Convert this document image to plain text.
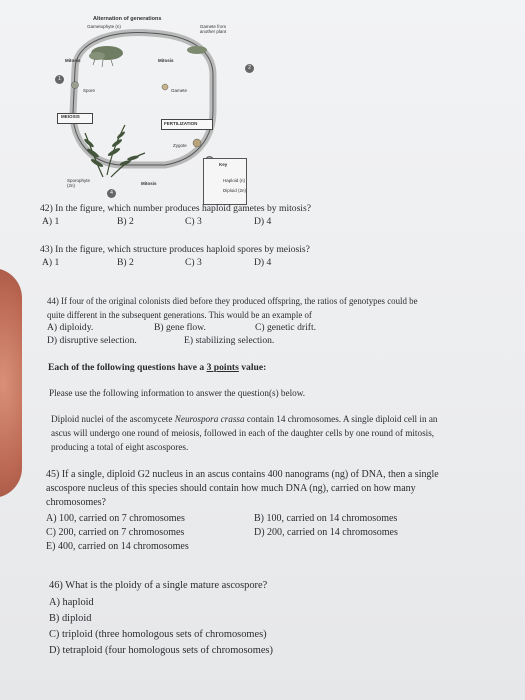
Alternation of generations
Gametophyte (n)	Gamete from another plant
Mitosis	Mitosis
Spore	Gamete
MEIOSIS
FERTILIZATION
Zygote
Sporophyte (2n)	Mitosis
1
2
4
Key
Haploid (n)
Diploid (2n)
42) In the figure, which number produces haploid gametes by mitosis?
A) 1	B) 2	C) 3	D) 4
43) In the figure, which structure produces haploid spores by meiosis?
A) 1	B) 2	C) 3	D) 4
44) If four of the original colonists died before they produced offspring, the ratios of genotypes could be
quite different in the subsequent generations. This would be an example of
A) diploidy.	B) gene flow.	C) genetic drift.
D) disruptive selection.	E) stabilizing selection.
Each of the following questions have a 3 points value:
Please use the following information to answer the question(s) below.
Diploid nuclei of the ascomycete Neurospora crassa contain 14 chromosomes. A single diploid cell in an
ascus will undergo one round of meiosis, followed in each of the daughter cells by one round of mitosis,
producing a total of eight ascospores.
45) If a single, diploid G2 nucleus in an ascus contains 400 nanograms (ng) of DNA, then a single
ascospore nucleus of this species should contain how much DNA (ng), carried on how many
chromosomes?
A) 100, carried on 7 chromosomes	B) 100, carried on 14 chromosomes
C) 200, carried on 7 chromosomes	D) 200, carried on 14 chromosomes
E) 400, carried on 14 chromosomes
46) What is the ploidy of a single mature ascospore?
A) haploid
B) diploid
C) triploid (three homologous sets of chromosomes)
D) tetraploid (four homologous sets of chromosomes)
